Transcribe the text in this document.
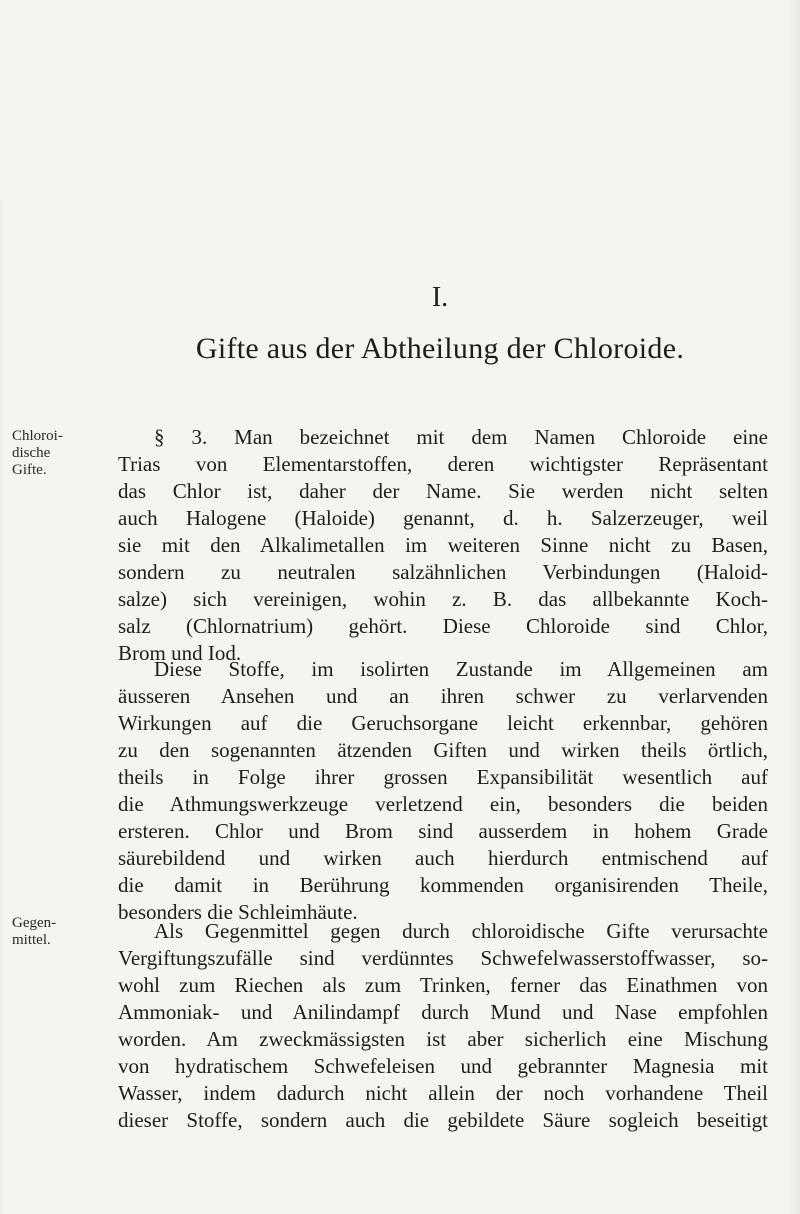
I.
Gifte aus der Abtheilung der Chloroide.
Chloroi-
dische
Gifte.
Gegen-
mittel.
§ 3. Man bezeichnet mit dem Namen Chloroide eine
Trias von Elementarstoffen, deren wichtigster Repräsentant
das Chlor ist, daher der Name. Sie werden nicht selten
auch Halogene (Haloide) genannt, d. h. Salzerzeuger, weil
sie mit den Alkalimetallen im weiteren Sinne nicht zu Basen,
sondern zu neutralen salzähnlichen Verbindungen (Haloid-
salze) sich vereinigen, wohin z. B. das allbekannte Koch-
salz (Chlornatrium) gehört. Diese Chloroide sind Chlor,
Brom und Iod.
Diese Stoffe, im isolirten Zustande im Allgemeinen am
äusseren Ansehen und an ihren schwer zu verlarvenden
Wirkungen auf die Geruchsorgane leicht erkennbar, gehören
zu den sogenannten ätzenden Giften und wirken theils örtlich,
theils in Folge ihrer grossen Expansibilität wesentlich auf
die Athmungswerkzeuge verletzend ein, besonders die beiden
ersteren. Chlor und Brom sind ausserdem in hohem Grade
säurebildend und wirken auch hierdurch entmischend auf
die damit in Berührung kommenden organisirenden Theile,
besonders die Schleimhäute.
Als Gegenmittel gegen durch chloroidische Gifte verursachte
Vergiftungszufälle sind verdünntes Schwefelwasserstoffwasser, so-
wohl zum Riechen als zum Trinken, ferner das Einathmen von
Ammoniak- und Anilindampf durch Mund und Nase empfohlen
worden. Am zweckmässigsten ist aber sicherlich eine Mischung
von hydratischem Schwefeleisen und gebrannter Magnesia mit
Wasser, indem dadurch nicht allein der noch vorhandene Theil
dieser Stoffe, sondern auch die gebildete Säure sogleich beseitigt
